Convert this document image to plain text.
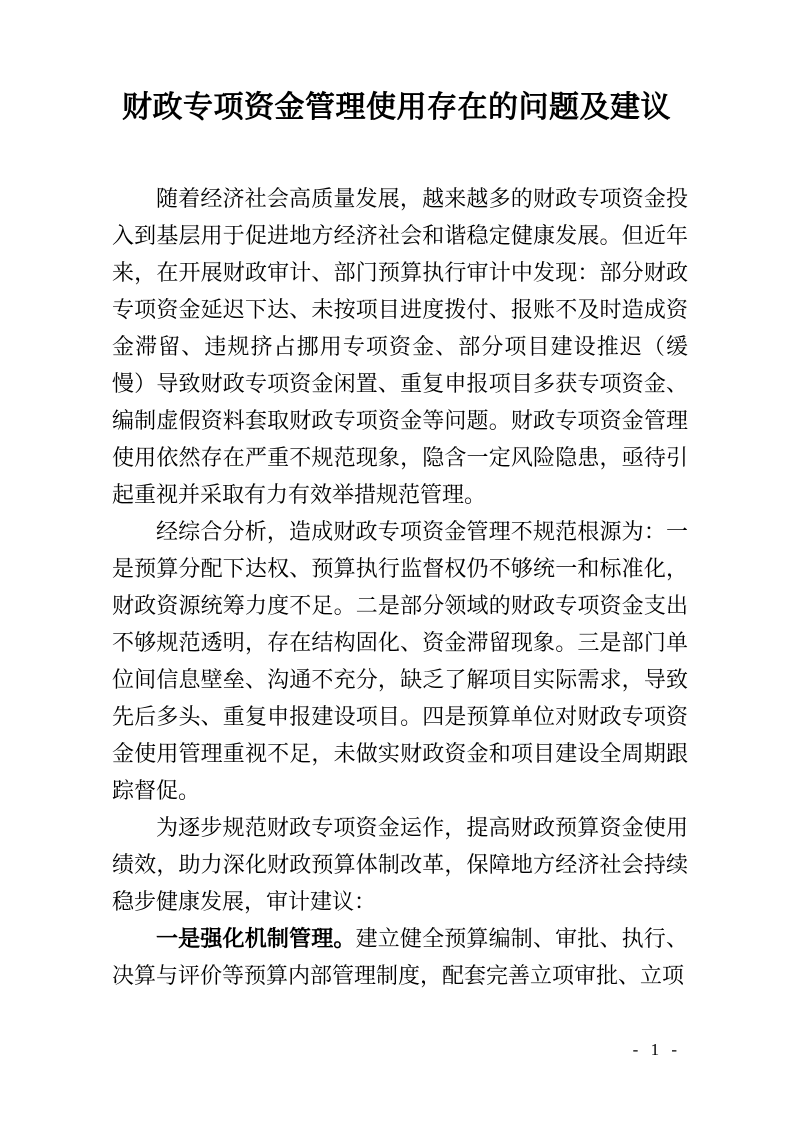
财政专项资金管理使用存在的问题及建议

随着经济社会高质量发展，越来越多的财政专项资金投入到基层用于促进地方经济社会和谐稳定健康发展。但近年来，在开展财政审计、部门预算执行审计中发现：部分财政专项资金延迟下达、未按项目进度拨付、报账不及时造成资金滞留、违规挤占挪用专项资金、部分项目建设推迟（缓慢）导致财政专项资金闲置、重复申报项目多获专项资金、编制虚假资料套取财政专项资金等问题。财政专项资金管理使用依然存在严重不规范现象，隐含一定风险隐患，亟待引起重视并采取有力有效举措规范管理。

经综合分析，造成财政专项资金管理不规范根源为：一是预算分配下达权、预算执行监督权仍不够统一和标准化，财政资源统筹力度不足。二是部分领域的财政专项资金支出不够规范透明，存在结构固化、资金滞留现象。三是部门单位间信息壁垒、沟通不充分，缺乏了解项目实际需求，导致先后多头、重复申报建设项目。四是预算单位对财政专项资金使用管理重视不足，未做实财政资金和项目建设全周期跟踪督促。

为逐步规范财政专项资金运作，提高财政预算资金使用绩效，助力深化财政预算体制改革，保障地方经济社会持续稳步健康发展，审计建议：

一是强化机制管理。建立健全预算编制、审批、执行、决算与评价等预算内部管理制度，配套完善立项审批、立项

- 1 -
